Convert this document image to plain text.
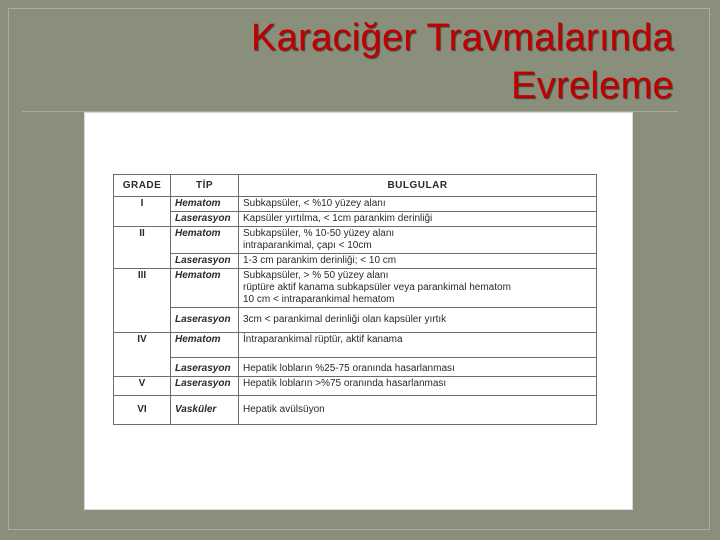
Karaciğer Travmalarında
Evreleme
GRADE	TİP	BULGULAR
I	Hematom	Subkapsüler, < %10 yüzey alanı

	Laserasyon	Kapsüler yırtılma, < 1cm parankim derinliği

II	Hematom	Subkapsüler, % 10-50 yüzey alanı
intraparankimal, çapı < 10cm

	Laserasyon	1-3 cm parankim derinliği; < 10 cm

III	Hematom	Subkapsüler, > % 50 yüzey alanı
rüptüre aktif kanama subkapsüler veya parankimal hematom
10 cm < intraparankimal hematom

	Laserasyon	3cm < parankimal derinliği olan kapsüler yırtık

IV	Hematom	İntraparankimal rüptür, aktif kanama

	Laserasyon	Hepatik lobların %25-75 oranında hasarlanması

V	Laserasyon	Hepatik lobların >%75 oranında hasarlanması

VI	Vasküler	Hepatik avülsüyon
